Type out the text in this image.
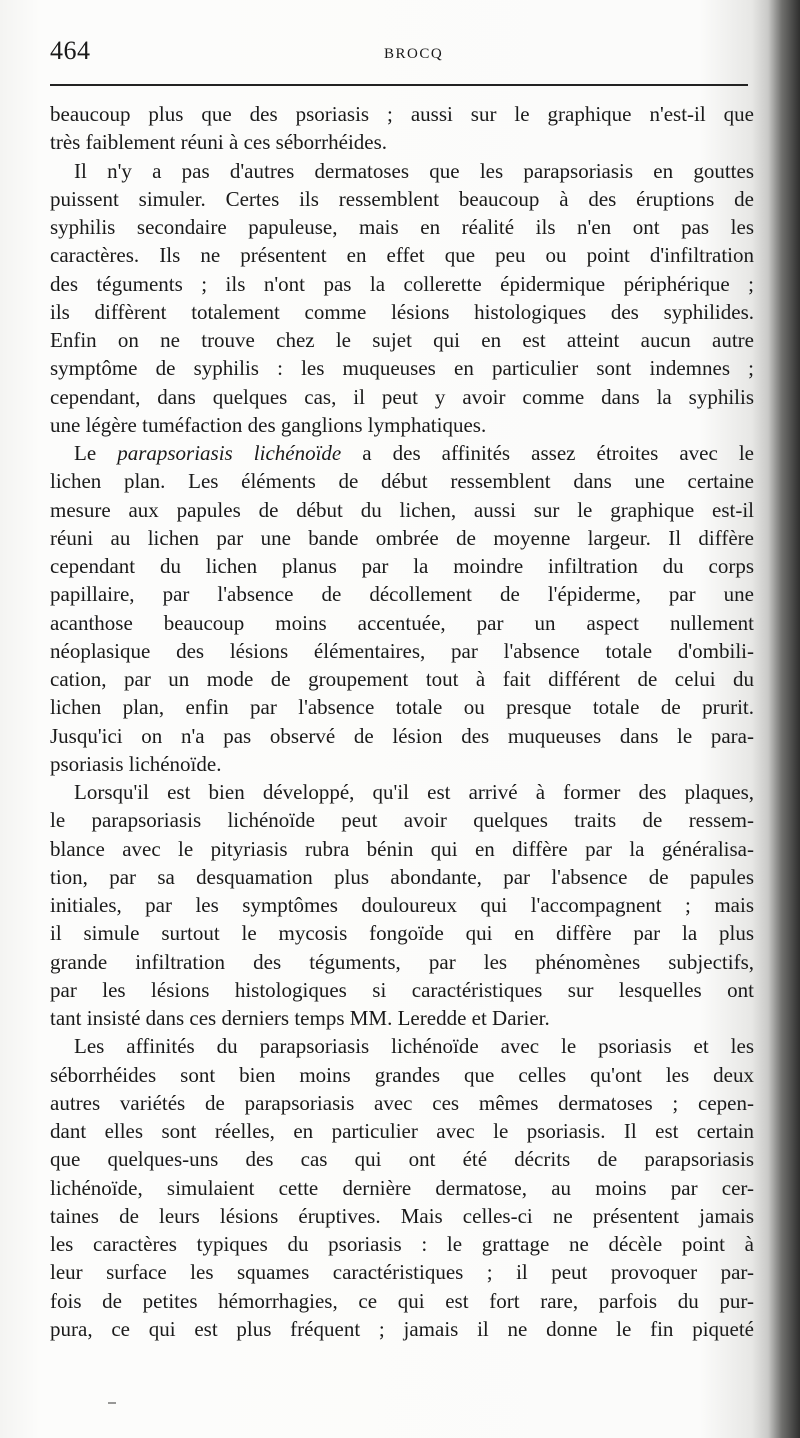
464	BROCQ
beaucoup plus que des psoriasis ; aussi sur le graphique n'est-il que
très faiblement réuni à ces séborrhéides.
Il n'y a pas d'autres dermatoses que les parapsoriasis en gouttes
puissent simuler. Certes ils ressemblent beaucoup à des éruptions de
syphilis secondaire papuleuse, mais en réalité ils n'en ont pas les
caractères. Ils ne présentent en effet que peu ou point d'infiltration
des téguments ; ils n'ont pas la collerette épidermique périphérique ;
ils diffèrent totalement comme lésions histologiques des syphilides.
Enfin on ne trouve chez le sujet qui en est atteint aucun autre
symptôme de syphilis : les muqueuses en particulier sont indemnes ;
cependant, dans quelques cas, il peut y avoir comme dans la syphilis
une légère tuméfaction des ganglions lymphatiques.
Le parapsoriasis lichénoïde a des affinités assez étroites avec le
lichen plan. Les éléments de début ressemblent dans une certaine
mesure aux papules de début du lichen, aussi sur le graphique est-il
réuni au lichen par une bande ombrée de moyenne largeur. Il diffère
cependant du lichen planus par la moindre infiltration du corps
papillaire, par l'absence de décollement de l'épiderme, par une
acanthose beaucoup moins accentuée, par un aspect nullement
néoplasique des lésions élémentaires, par l'absence totale d'ombili-
cation, par un mode de groupement tout à fait différent de celui du
lichen plan, enfin par l'absence totale ou presque totale de prurit.
Jusqu'ici on n'a pas observé de lésion des muqueuses dans le para-
psoriasis lichénoïde.
Lorsqu'il est bien développé, qu'il est arrivé à former des plaques,
le parapsoriasis lichénoïde peut avoir quelques traits de ressem-
blance avec le pityriasis rubra bénin qui en diffère par la généralisa-
tion, par sa desquamation plus abondante, par l'absence de papules
initiales, par les symptômes douloureux qui l'accompagnent ; mais
il simule surtout le mycosis fongoïde qui en diffère par la plus
grande infiltration des téguments, par les phénomènes subjectifs,
par les lésions histologiques si caractéristiques sur lesquelles ont
tant insisté dans ces derniers temps MM. Leredde et Darier.
Les affinités du parapsoriasis lichénoïde avec le psoriasis et les
séborrhéides sont bien moins grandes que celles qu'ont les deux
autres variétés de parapsoriasis avec ces mêmes dermatoses ; cepen-
dant elles sont réelles, en particulier avec le psoriasis. Il est certain
que quelques-uns des cas qui ont été décrits de parapsoriasis
lichénoïde, simulaient cette dernière dermatose, au moins par cer-
taines de leurs lésions éruptives. Mais celles-ci ne présentent jamais
les caractères typiques du psoriasis : le grattage ne décèle point à
leur surface les squames caractéristiques ; il peut provoquer par-
fois de petites hémorrhagies, ce qui est fort rare, parfois du pur-
pura, ce qui est plus fréquent ; jamais il ne donne le fin piqueté
